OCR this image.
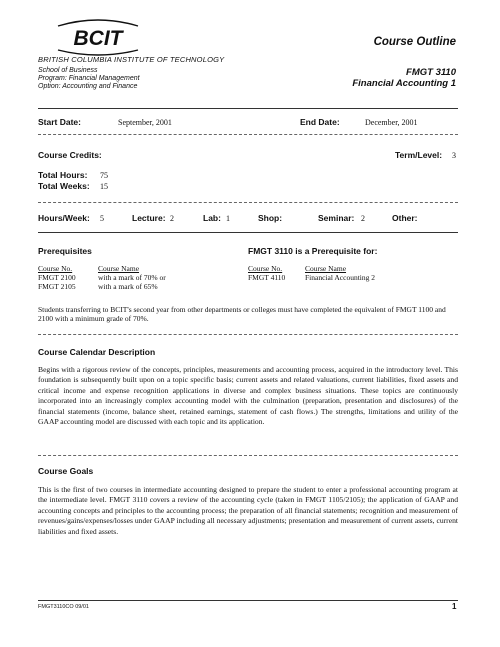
BCIT	Course Outline
BRITISH COLUMBIA INSTITUTE OF TECHNOLOGY
School of Business
Program: Financial Management
Option: Accounting and Finance
FMGT 3110
Financial Accounting 1
Start Date:	September, 2001	End Date:	December, 2001
Course Credits:	Term/Level: 3
Total Hours: 75
Total Weeks: 15
Hours/Week: 5	Lecture: 2	Lab: 1	Shop:	Seminar: 2	Other:
Prerequisites
Course No.	Course Name
FMGT 2100	with a mark of 70% or
FMGT 2105	with a mark of 65%
FMGT 3110 is a Prerequisite for:
Course No.	Course Name
FMGT 4110	Financial Accounting 2
Students transferring to BCIT's second year from other departments or colleges must have completed the equivalent of FMGT 1100 and 2100 with a minimum grade of 70%.
Course Calendar Description
Begins with a rigorous review of the concepts, principles, measurements and accounting process, acquired in the introductory level. This foundation is subsequently built upon on a topic specific basis; current assets and related valuations, current liabilities, fixed assets and critical income and expense recognition applications in diverse and complex business situations. These topics are continuously incorporated into an increasingly complex accounting model with the culmination (preparation, presentation and disclosures) of the financial statements (income, balance sheet, retained earnings, statement of cash flows.) The strengths, limitations and utility of the GAAP accounting model are discussed with each topic and its application.
Course Goals
This is the first of two courses in intermediate accounting designed to prepare the student to enter a professional accounting program at the intermediate level. FMGT 3110 covers a review of the accounting cycle (taken in FMGT 1105/2105); the application of GAAP and accounting concepts and principles to the accounting process; the preparation of all financial statements; recognition and measurement of revenues/gains/expenses/losses under GAAP including all necessary adjustments; presentation and measurement of current assets, current liabilities and fixed assets.
FMGT3110CO 09/01	1
